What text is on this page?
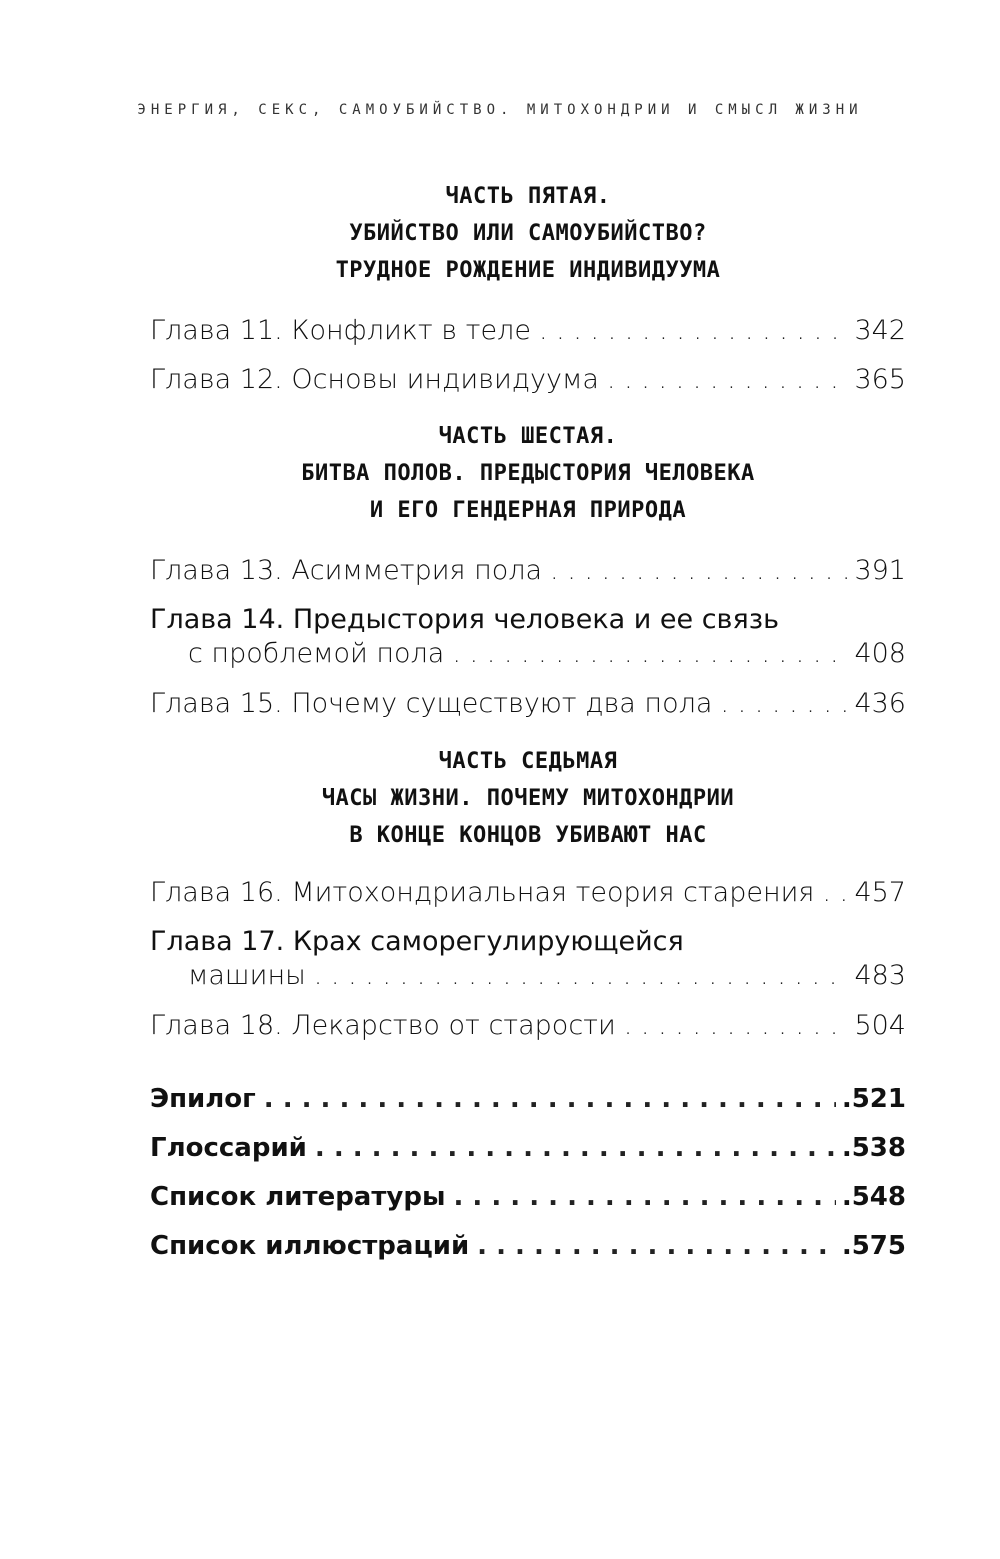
ЭНЕРГИЯ, СЕКС, САМОУБИЙСТВО. МИТОХОНДРИИ И СМЫСЛ ЖИЗНИ
ЧАСТЬ ПЯТАЯ.
УБИЙСТВО ИЛИ САМОУБИЙСТВО?
ТРУДНОЕ РОЖДЕНИЕ ИНДИВИДУУМА
Глава 11. Конфликт в теле . . .	342
Глава 12. Основы индивидуума . . .	365
ЧАСТЬ ШЕСТАЯ.
БИТВА ПОЛОВ. ПРЕДЫСТОРИЯ ЧЕЛОВЕКА
И ЕГО ГЕНДЕРНАЯ ПРИРОДА
Глава 13. Асимметрия пола . . .	391
Глава 14. Предыстория человека и ее связь
с проблемой пола . . .	408
Глава 15. Почему существуют два пола . . .	436
ЧАСТЬ СЕДЬМАЯ
ЧАСЫ ЖИЗНИ. ПОЧЕМУ МИТОХОНДРИИ
В КОНЦЕ КОНЦОВ УБИВАЮТ НАС
Глава 16. Митохондриальная теория старения . . . 457
Глава 17. Крах саморегулирующейся
машины . . .	483
Глава 18. Лекарство от старости . . .	504
Эпилог . . .	.521
Глоссарий . . .	.538
Список литературы . . .	.548
Список иллюстраций . . .	.575
